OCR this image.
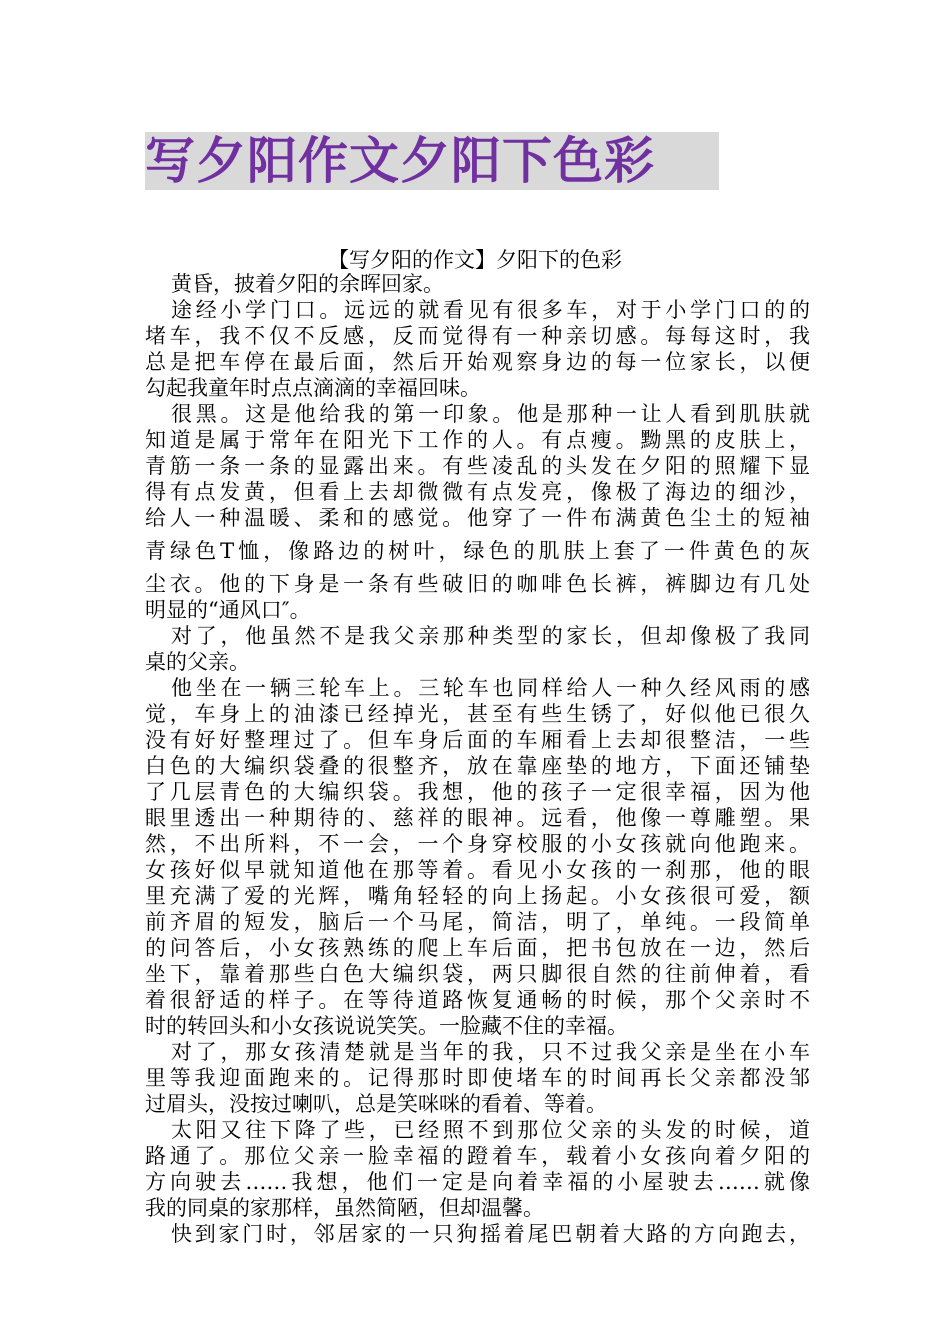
写夕阳作文夕阳下色彩
【写夕阳的作文】夕阳下的色彩
黄昏，披着夕阳的余晖回家。
途经小学门口。远远的就看见有很多车，对于小学门口的的
堵车，我不仅不反感，反而觉得有一种亲切感。每每这时，我
总是把车停在最后面，然后开始观察身边的每一位家长，以便
勾起我童年时点点滴滴的幸福回味。
很黑。这是他给我的第一印象。他是那种一让人看到肌肤就
知道是属于常年在阳光下工作的人。有点瘦。黝黑的皮肤上，
青筋一条一条的显露出来。有些凌乱的头发在夕阳的照耀下显
得有点发黄，但看上去却微微有点发亮，像极了海边的细沙，
给人一种温暖、柔和的感觉。他穿了一件布满黄色尘土的短袖
青绿色T恤，像路边的树叶，绿色的肌肤上套了一件黄色的灰
尘衣。他的下身是一条有些破旧的咖啡色长裤，裤脚边有几处
明显的“通风口″。
对了，他虽然不是我父亲那种类型的家长，但却像极了我同
桌的父亲。
他坐在一辆三轮车上。三轮车也同样给人一种久经风雨的感
觉，车身上的油漆已经掉光，甚至有些生锈了，好似他已很久
没有好好整理过了。但车身后面的车厢看上去却很整洁，一些
白色的大编织袋叠的很整齐，放在靠座垫的地方，下面还铺垫
了几层青色的大编织袋。我想，他的孩子一定很幸福，因为他
眼里透出一种期待的、慈祥的眼神。远看，他像一尊雕塑。果
然，不出所料，不一会，一个身穿校服的小女孩就向他跑来。
女孩好似早就知道他在那等着。看见小女孩的一刹那，他的眼
里充满了爱的光辉，嘴角轻轻的向上扬起。小女孩很可爱，额
前齐眉的短发，脑后一个马尾，简洁，明了，单纯。一段简单
的问答后，小女孩熟练的爬上车后面，把书包放在一边，然后
坐下，靠着那些白色大编织袋，两只脚很自然的往前伸着，看
着很舒适的样子。在等待道路恢复通畅的时候，那个父亲时不
时的转回头和小女孩说说笑笑。一脸藏不住的幸福。
对了，那女孩清楚就是当年的我，只不过我父亲是坐在小车
里等我迎面跑来的。记得那时即使堵车的时间再长父亲都没邹
过眉头，没按过喇叭，总是笑咪咪的看着、等着。
太阳又往下降了些，已经照不到那位父亲的头发的时候，道
路通了。那位父亲一脸幸福的蹬着车，载着小女孩向着夕阳的
方向驶去……我想，他们一定是向着幸福的小屋驶去……就像
我的同桌的家那样，虽然简陋，但却温馨。
快到家门时，邻居家的一只狗摇着尾巴朝着大路的方向跑去，
